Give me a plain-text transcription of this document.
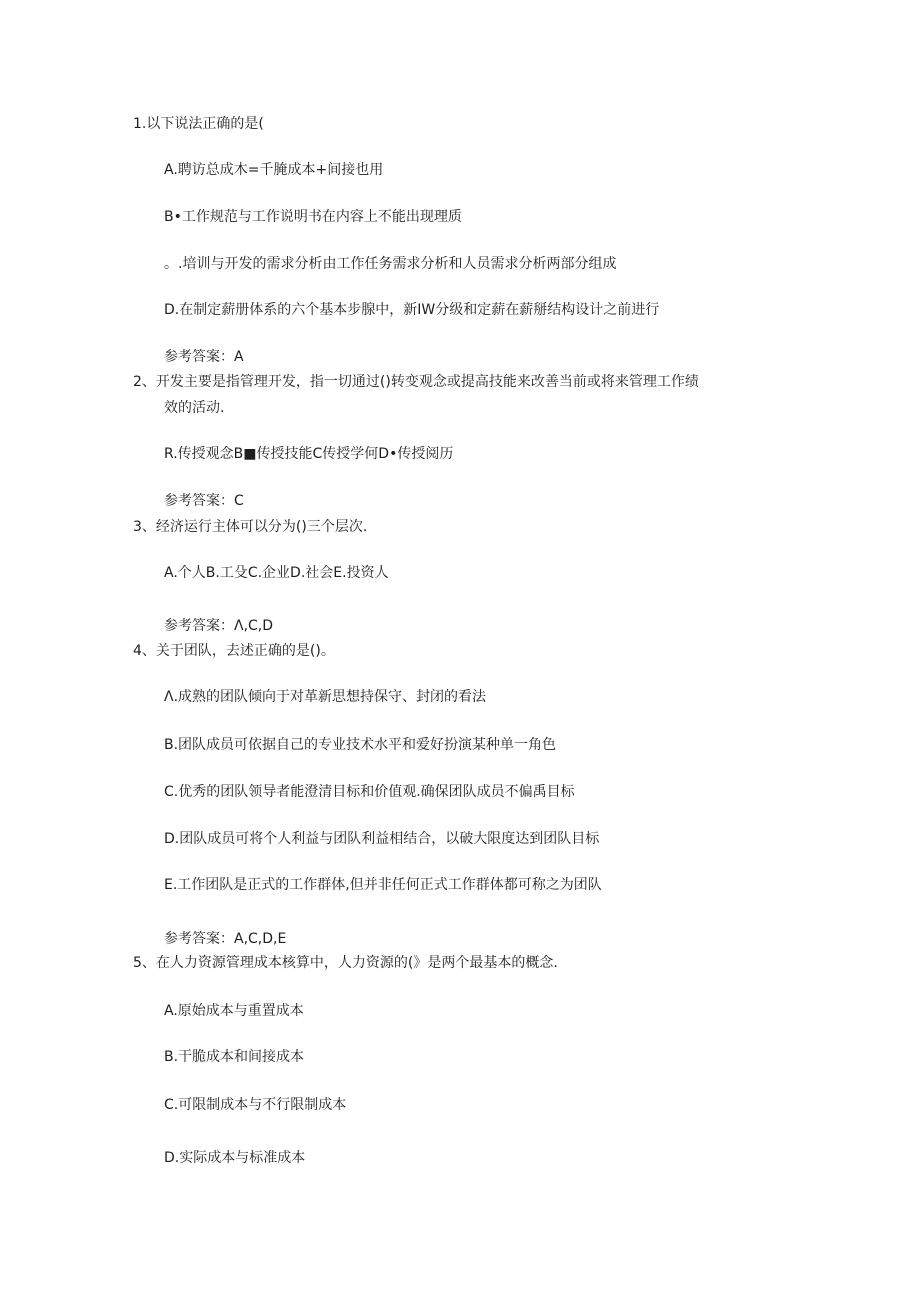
1.以下说法正确的是(
A.聘访总成木=千腌成本+间接也用
B•工作规范与工作说明书在内容上不能出现理质
。.培训与开发的需求分析由工作任务需求分析和人员需求分析两部分组成
D.在制定薪册体系的六个基本步腺中，新IW分级和定薪在薪掰结构设计之前进行
参考答案：A
2、开发主要是指管理开发，指一切通过()转变观念或提高技能来改善当前或将来管理工作绩
效的活动.
R.传授观念B■传授技能C传授学何D•传授阅历
参考答案：C
3、经济运行主体可以分为()三个层次.
A.个人B.工殳C.企业D.社会E.投资人
参考答案：Λ,C,D
4、关于团队，去述正确的是()。
Λ.成熟的团队倾向于对革新思想持保守、封闭的看法
B.团队成员可依据自己的专业技术水平和爱好扮演某种单一角色
C.优秀的团队领导者能澄清目标和价值观.确保团队成员不偏禹目标
D.团队成员可将个人利益与团队利益相结合，以破大限度达到团队目标
E.工作团队是正式的工作群体,但并非任何正式工作群体都可称之为团队
参考答案：A,C,D,E
5、在人力资源管理成本核算中，人力资源的(》是两个最基本的概念.
A.原始成本与重置成本
B.干脆成本和间接成本
C.可限制成本与不行限制成本
D.实际成本与标准成本
